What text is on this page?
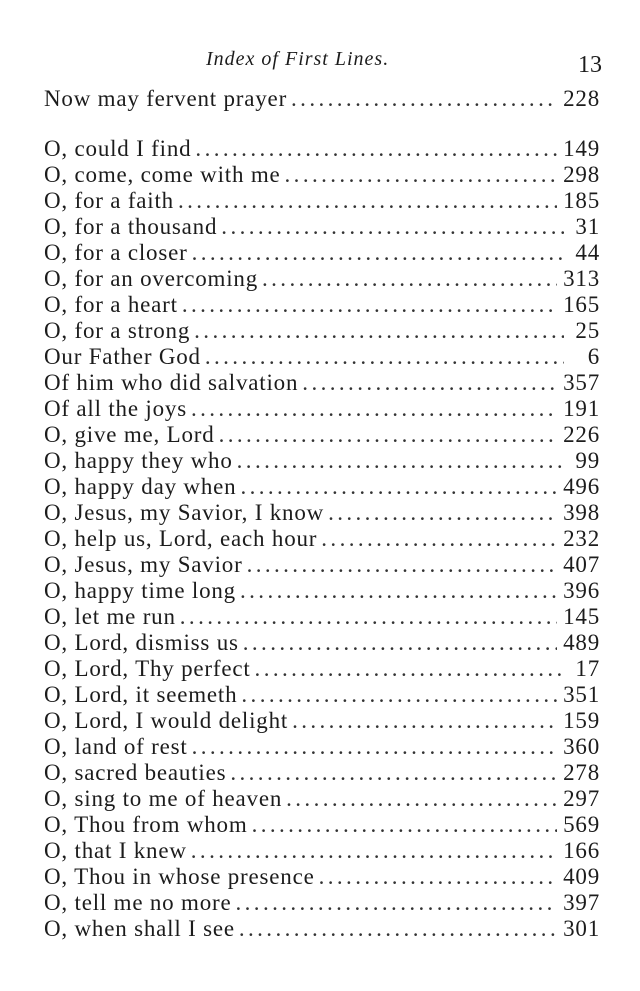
Index of First Lines.	13
Now may fervent prayer .....	228
O, could I find .....	149
O, come, come with me .....	298
O, for a faith .....	185
O, for a thousand .....	31
O, for a closer .....	44
O, for an overcoming .....	313
O, for a heart .....	165
O, for a strong .....	25
Our Father God .....	6
Of him who did salvation .....	357
Of all the joys .....	191
O, give me, Lord .....	226
O, happy they who .....	99
O, happy day when .....	496
O, Jesus, my Savior, I know .....	398
O, help us, Lord, each hour .....	232
O, Jesus, my Savior .....	407
O, happy time long .....	396
O, let me run .....	145
O, Lord, dismiss us .....	489
O, Lord, Thy perfect .....	17
O, Lord, it seemeth .....	351
O, Lord, I would delight .....	159
O, land of rest .....	360
O, sacred beauties .....	278
O, sing to me of heaven .....	297
O, Thou from whom .....	569
O, that I knew .....	166
O, Thou in whose presence .....	409
O, tell me no more .....	397
O, when shall I see .....	301
